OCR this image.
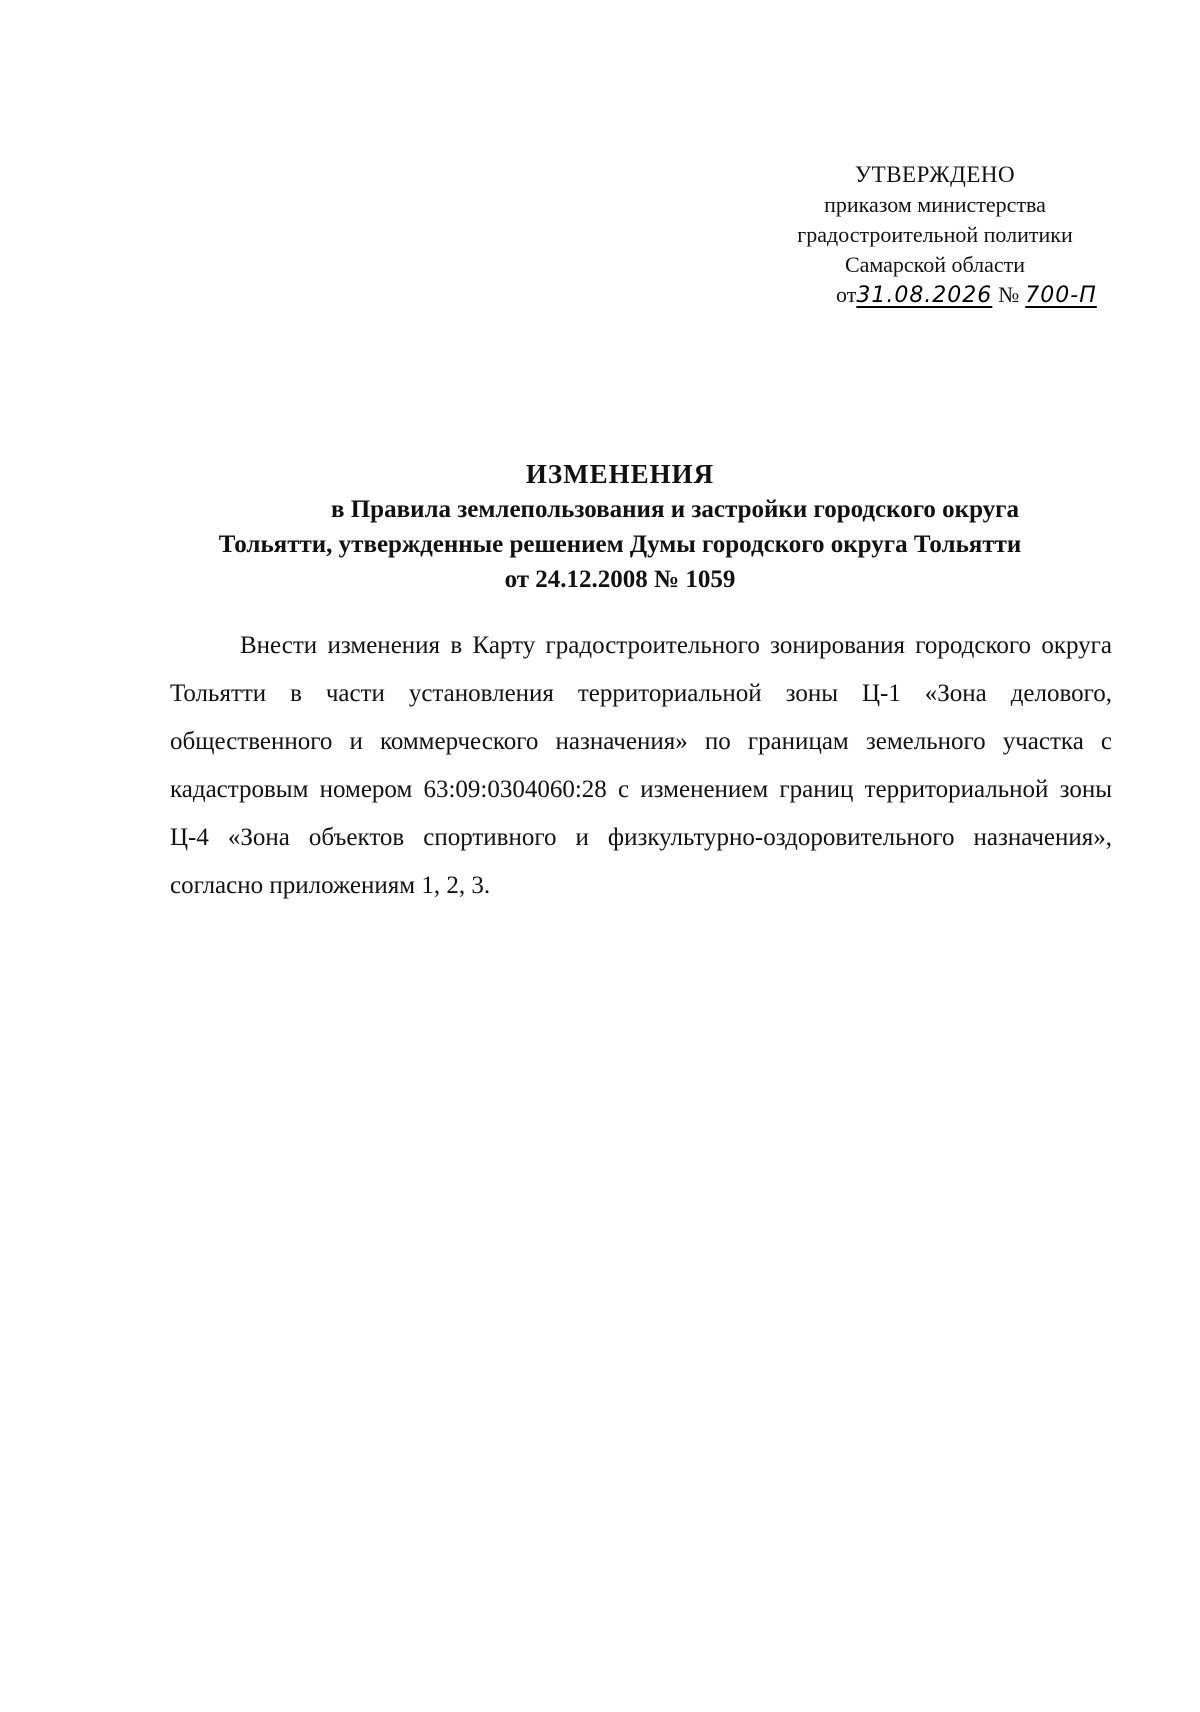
УТВЕРЖДЕНО
приказом министерства
градостроительной политики
Самарской области
от31.08.2026 № 700-П
ИЗМЕНЕНИЯ
в Правила землепользования и застройки городского округа
Тольятти, утвержденные решением Думы городского округа Тольятти
от 24.12.2008 № 1059

Внести изменения в Карту градостроительного зонирования городского округа Тольятти в части установления территориальной зоны Ц-1 «Зона делового, общественного и коммерческого назначения» по границам земельного участка с кадастровым номером 63:09:0304060:28 с изменением границ территориальной зоны Ц-4 «Зона объектов спортивного и физкультурно-оздоровительного назначения», согласно приложениям 1, 2, 3.
